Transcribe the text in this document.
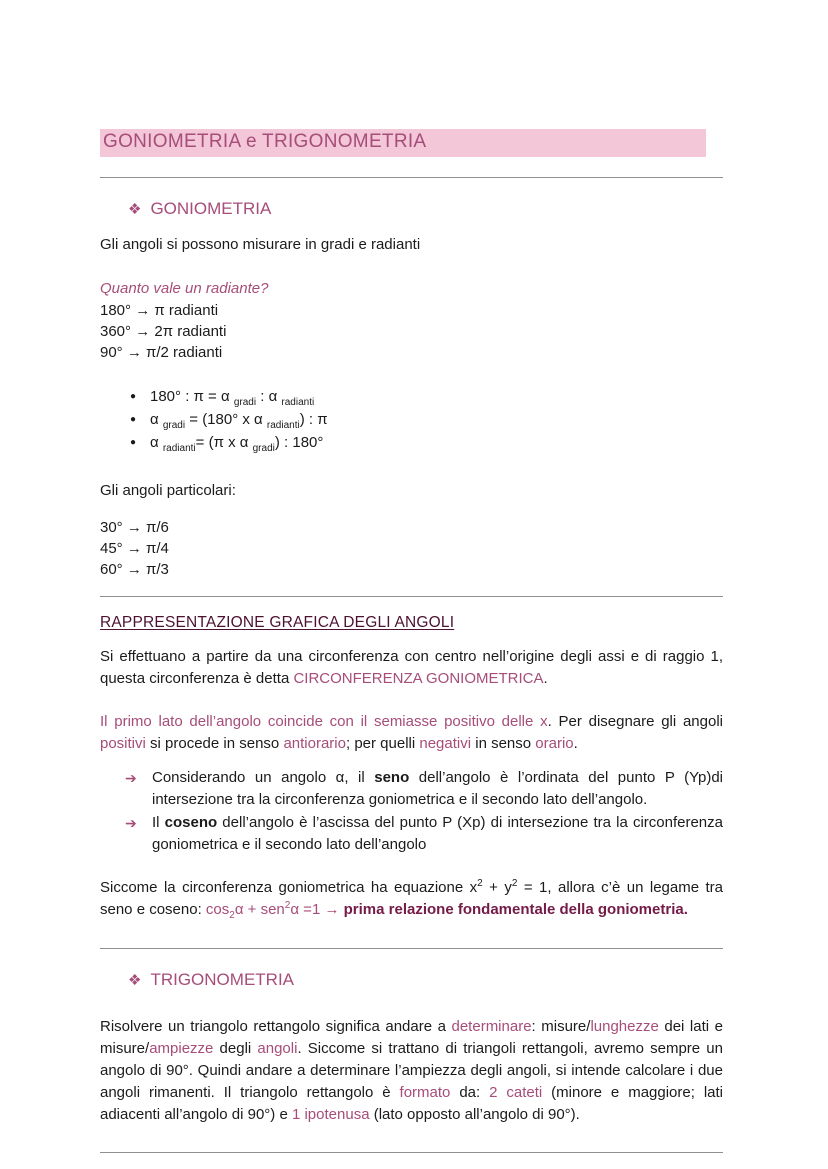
GONIOMETRIA e TRIGONOMETRIA
❖ GONIOMETRIA

Gli angoli si possono misurare in gradi e radianti

Quanto vale un radiante?

180° → π radianti
360° → 2π radianti
90° → π/2 radianti
● 180° : π = α $_{gradi}$ : α $_{radianti}$
● α $_{gradi}$ = (180° x α $_{radianti}$) : π
● α $_{radianti}$= (π x α $_{gradi}$) : 180°

Gli angoli particolari:

30° → π/6
45° → π/4
60° → π/3
RAPPRESENTAZIONE GRAFICA DEGLI ANGOLI

Si effettuano a partire da una circonferenza con centro nell’origine degli assi e di raggio 1, questa circonferenza è detta CIRCONFERENZA GONIOMETRICA.

Il primo lato dell’angolo coincide con il semiasse positivo delle x. Per disegnare gli angoli positivi si procede in senso antiorario; per quelli negativi in senso orario.

➔	Considerando un angolo α, il seno dell’angolo è l’ordinata del punto P (Yp)di intersezione tra la circonferenza goniometrica e il secondo lato dell’angolo.
➔	Il coseno dell’angolo è l’ascissa del punto P (Xp) di intersezione tra la circonferenza goniometrica e il secondo lato dell’angolo

Siccome la circonferenza goniometrica ha equazione $x^2 + y^2 = 1$, allora c’è un legame tra seno e coseno: $\cos_2\alpha + sen^2\alpha =1$ → prima relazione fondamentale della goniometria.

❖ TRIGONOMETRIA

Risolvere un triangolo rettangolo significa andare a determinare: misure/lunghezze dei lati e misure/ampiezze degli angoli. Siccome si trattano di triangoli rettangoli, avremo sempre un angolo di 90°. Quindi andare a determinare l’ampiezza degli angoli, si intende calcolare i due angoli rimanenti. Il triangolo rettangolo è formato da: 2 cateti (minore e maggiore; lati adiacenti all’angolo di 90°) e 1 ipotenusa (lato opposto all’angolo di 90°).
